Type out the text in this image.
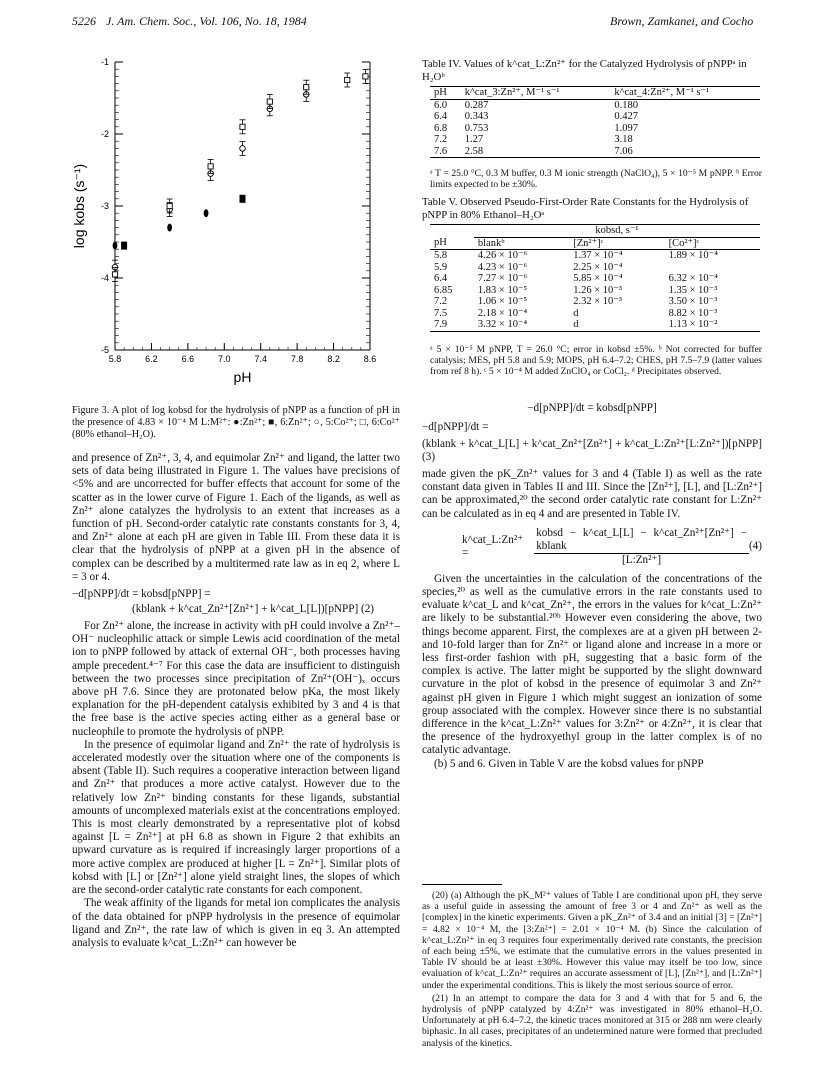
5226 J. Am. Chem. Soc., Vol. 106, No. 18, 1984	Brown, Zamkanei, and Cocho
-1
-2
-3
-4
-5
5.8	6.2	6.6	7.0	7.4	7.8	8.2	8.6
pH
log kobs (s⁻¹)
Figure 3. A plot of log kobsd for the hydrolysis of pNPP as a function of pH in the presence of 4.83 × 10⁻⁴ M L:M²⁺: ●:Zn²⁺; ■, 6:Zn²⁺; ○, 5:Co²⁺; □, 6:Co²⁺ (80% ethanol–H₂O).

and presence of Zn²⁺, 3, 4, and equimolar Zn²⁺ and ligand, the latter two sets of data being illustrated in Figure 1. The values have precisions of <5% and are uncorrected for buffer effects that account for some of the scatter as in the lower curve of Figure 1. Each of the ligands, as well as Zn²⁺ alone catalyzes the hydrolysis to an extent that increases as a function of pH. Second-order catalytic rate constants constants for 3, 4, and Zn²⁺ alone at each pH are given in Table III. From these data it is clear that the hydrolysis of pNPP at a given pH in the absence of complex can be described by a multitermed rate law as in eq 2, where L = 3 or 4.

−d[pNPP]/dt = kobsd[pNPP] =
(kblank + k^cat_Zn²⁺[Zn²⁺] + k^cat_L[L])[pNPP] (2)

For Zn²⁺ alone, the increase in activity with pH could involve a Zn²⁺–OH⁻ nucleophilic attack or simple Lewis acid coordination of the metal ion to pNPP followed by attack of external OH⁻, both processes having ample precedent.⁴⁻⁷ For this case the data are insufficient to distinguish between the two processes since precipitation of Zn²⁺(OH⁻)ₓ occurs above pH 7.6. Since they are protonated below pKa, the most likely explanation for the pH-dependent catalysis exhibited by 3 and 4 is that the free base is the active species acting either as a general base or nucleophile to promote the hydrolysis of pNPP.

In the presence of equimolar ligand and Zn²⁺ the rate of hydrolysis is accelerated modestly over the situation where one of the components is absent (Table II). Such requires a cooperative interaction between ligand and Zn²⁺ that produces a more active catalyst. However due to the relatively low Zn²⁺ binding constants for these ligands, substantial amounts of uncomplexed materials exist at the concentrations employed. This is most clearly demonstrated by a representative plot of kobsd against [L = Zn²⁺] at pH 6.8 as shown in Figure 2 that exhibits an upward curvature as is required if increasingly larger proportions of a more active complex are produced at higher [L = Zn²⁺]. Similar plots of kobsd with [L] or [Zn²⁺] alone yield straight lines, the slopes of which are the second-order catalytic rate constants for each component.

The weak affinity of the ligands for metal ion complicates the analysis of the data obtained for pNPP hydrolysis in the presence of equimolar ligand and Zn²⁺, the rate law of which is given in eq 3. An attempted analysis to evaluate k^cat_L:Zn²⁺ can however be

Table IV. Values of k^cat_L:Zn²⁺ for the Catalyzed Hydrolysis of pNPPᵃ in H₂Oᵇ
pH	k^cat_3:Zn²⁺, M⁻¹ s⁻¹	k^cat_4:Zn²⁺, M⁻¹ s⁻¹
6.0	0.287	0.180
6.4	0.343	0.427
6.8	0.753	1.097
7.2	1.27	3.18
7.6	2.58	7.06
ᵃ T = 25.0 °C, 0.3 M buffer, 0.3 M ionic strength (NaClO₄), 5 × 10⁻⁵ M pNPP. ᵇ Error limits expected to be ±30%.
Table V. Observed Pseudo-First-Order Rate Constants for the Hydrolysis of pNPP in 80% Ethanol–H₂Oᵃ
	kobsd, s⁻¹		
pH	blankᵇ	[Zn²⁺]ᶜ	[Co²⁺]ᶜ
5.8	4.26 × 10⁻⁶	1.37 × 10⁻⁴	1.89 × 10⁻⁴
5.9	4.23 × 10⁻⁶	2.25 × 10⁻⁴	
6.4	7.27 × 10⁻⁶	5.85 × 10⁻⁴	6.32 × 10⁻⁴
6.85	1.83 × 10⁻⁵	1.26 × 10⁻³	1.35 × 10⁻³
7.2	1.06 × 10⁻⁵	2.32 × 10⁻³	3.50 × 10⁻³
7.5	2.18 × 10⁻⁴	d	8.82 × 10⁻³
7.9	3.32 × 10⁻⁴	d	1.13 × 10⁻²
ᵃ 5 × 10⁻⁵ M pNPP, T = 26.0 °C; error in kobsd ±5%. ᵇ Not corrected for buffer catalysis; MES, pH 5.8 and 5.9; MOPS, pH 6.4–7.2; CHES, pH 7.5–7.9 (latter values from ref 8 h). ᶜ 5 × 10⁻⁴ M added ZnClO₄ or CoCl₂. ᵈ Precipitates observed.
−d[pNPP]/dt = kobsd[pNPP]
−d[pNPP]/dt =
(kblank + k^cat_L[L] + k^cat_Zn²⁺[Zn²⁺] + k^cat_L:Zn²⁺[L:Zn²⁺])[pNPP] (3)

made given the pK_Zn²⁺ values for 3 and 4 (Table I) as well as the rate constant data given in Tables II and III. Since the [Zn²⁺], [L], and [L:Zn²⁺] can be approximated,²⁰ the second order catalytic rate constant for L:Zn²⁺ can be calculated as in eq 4 and are presented in Table IV.

k^cat_L:Zn²⁺ =
kobsd − k^cat_L[L] − k^cat_Zn²⁺[Zn²⁺] − kblank
[L:Zn²⁺]
(4)

Given the uncertainties in the calculation of the concentrations of the species,²⁰ as well as the cumulative errors in the rate constants used to evaluate k^cat_L and k^cat_Zn²⁺, the errors in the values for k^cat_L:Zn²⁺ are likely to be substantial.²⁰ᵇ However even considering the above, two things become apparent. First, the complexes are at a given pH between 2- and 10-fold larger than for Zn²⁺ or ligand alone and increase in a more or less first-order fashion with pH, suggesting that a basic form of the complex is active. The latter might be supported by the slight downward curvature in the plot of kobsd in the presence of equimolar 3 and Zn²⁺ against pH given in Figure 1 which might suggest an ionization of some group associated with the complex. However since there is no substantial difference in the k^cat_L:Zn²⁺ values for 3:Zn²⁺ or 4:Zn²⁺, it is clear that the presence of the hydroxyethyl group in the latter complex is of no catalytic advantage.

(b) 5 and 6. Given in Table V are the kobsd values for pNPP

(20) (a) Although the pK_M²⁺ values of Table I are conditional upon pH, they serve as a useful guide in assessing the amount of free 3 or 4 and Zn²⁺ as well as the [complex] in the kinetic experiments. Given a pK_Zn²⁺ of 3.4 and an initial [3] = [Zn²⁺] = 4.82 × 10⁻⁴ M, the [3:Zn²⁺] = 2.01 × 10⁻⁴ M. (b) Since the calculation of k^cat_L:Zn²⁺ in eq 3 requires four experimentally derived rate constants, the precision of each being ±5%, we estimate that the cumulative errors in the values presented in Table IV should be at least ±30%. However this value may itself be too low, since evaluation of k^cat_L:Zn²⁺ requires an accurate assessment of [L], [Zn²⁺], and [L:Zn²⁺] under the experimental conditions. This is likely the most serious source of error.
(21) In an attempt to compare the data for 3 and 4 with that for 5 and 6, the hydrolysis of pNPP catalyzed by 4:Zn²⁺ was investigated in 80% ethanol–H₂O. Unfortunately at pH 6.4–7.2, the kinetic traces monitored at 315 or 288 nm were clearly biphasic. In all cases, precipitates of an undetermined nature were formed that precluded analysis of the kinetics.
